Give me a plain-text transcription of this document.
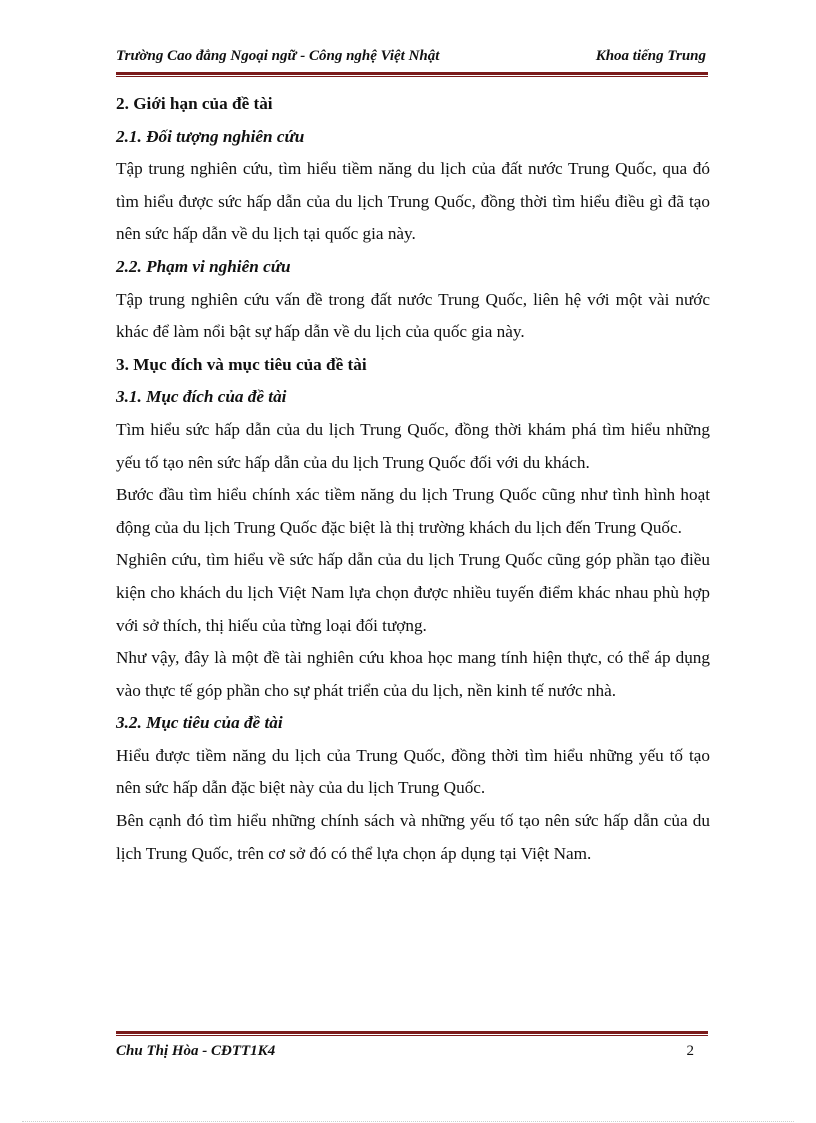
Trường Cao đẳng Ngoại ngữ - Công nghệ Việt Nhật	Khoa tiếng Trung

2. Giới hạn của đề tài

2.1. Đối tượng nghiên cứu

Tập trung nghiên cứu, tìm hiểu tiềm năng du lịch của đất nước Trung Quốc, qua đó tìm hiểu được sức hấp dẫn của du lịch Trung Quốc, đồng thời tìm hiểu điều gì đã tạo nên sức hấp dẫn về du lịch tại quốc gia này.

2.2. Phạm vi nghiên cứu

Tập trung nghiên cứu vấn đề trong đất nước Trung Quốc, liên hệ với một vài nước khác để làm nổi bật sự hấp dẫn về du lịch của quốc gia này.

3. Mục đích và mục tiêu của đề tài

3.1. Mục đích của đề tài

Tìm hiểu sức hấp dẫn của du lịch Trung Quốc, đồng thời khám phá tìm hiểu những yếu tố tạo nên sức hấp dẫn của du lịch Trung Quốc đối với du khách.

Bước đầu tìm hiểu chính xác tiềm năng du lịch Trung Quốc cũng như tình hình hoạt động của du lịch Trung Quốc đặc biệt là thị trường khách du lịch đến Trung Quốc.

Nghiên cứu, tìm hiểu về sức hấp dẫn của du lịch Trung Quốc cũng góp phần tạo điều kiện cho khách du lịch Việt Nam lựa chọn được nhiều tuyến điểm khác nhau phù hợp với sở thích, thị hiếu của từng loại đối tượng.

Như vậy, đây là một đề tài nghiên cứu khoa học mang tính hiện thực, có thể áp dụng vào thực tế góp phần cho sự phát triển của du lịch, nền kinh tế nước nhà.

3.2. Mục tiêu của đề tài

Hiểu được tiềm năng du lịch của Trung Quốc, đồng thời tìm hiểu những yếu tố tạo nên sức hấp dẫn đặc biệt này của du lịch Trung Quốc.

Bên cạnh đó tìm hiểu những chính sách và những yếu tố tạo nên sức hấp dẫn của du lịch Trung Quốc, trên cơ sở đó có thể lựa chọn áp dụng tại Việt Nam.

Chu Thị Hòa - CĐTT1K4	2
